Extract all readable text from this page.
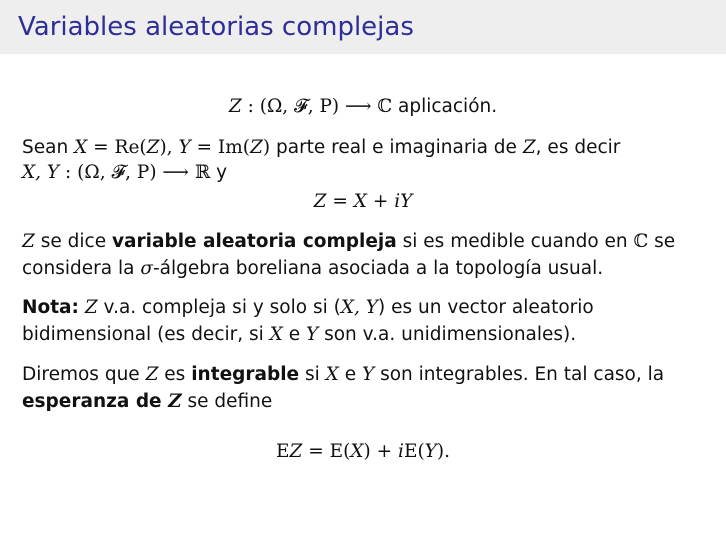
Variables aleatorias complejas
Z : (Ω, 𝓕, P) ⟶ ℂ aplicación.
Sean X = Re(Z), Y = Im(Z) parte real e imaginaria de Z, es decir
X, Y : (Ω, 𝓕, P) ⟶ ℝ y
Z = X + iY
Z se dice variable aleatoria compleja si es medible cuando en ℂ se
considera la σ-álgebra boreliana asociada a la topología usual.
Nota: Z v.a. compleja si y solo si (X, Y) es un vector aleatorio
bidimensional (es decir, si X e Y son v.a. unidimensionales).
Diremos que Z es integrable si X e Y son integrables. En tal caso, la
esperanza de Z se define
EZ = E(X) + iE(Y).
